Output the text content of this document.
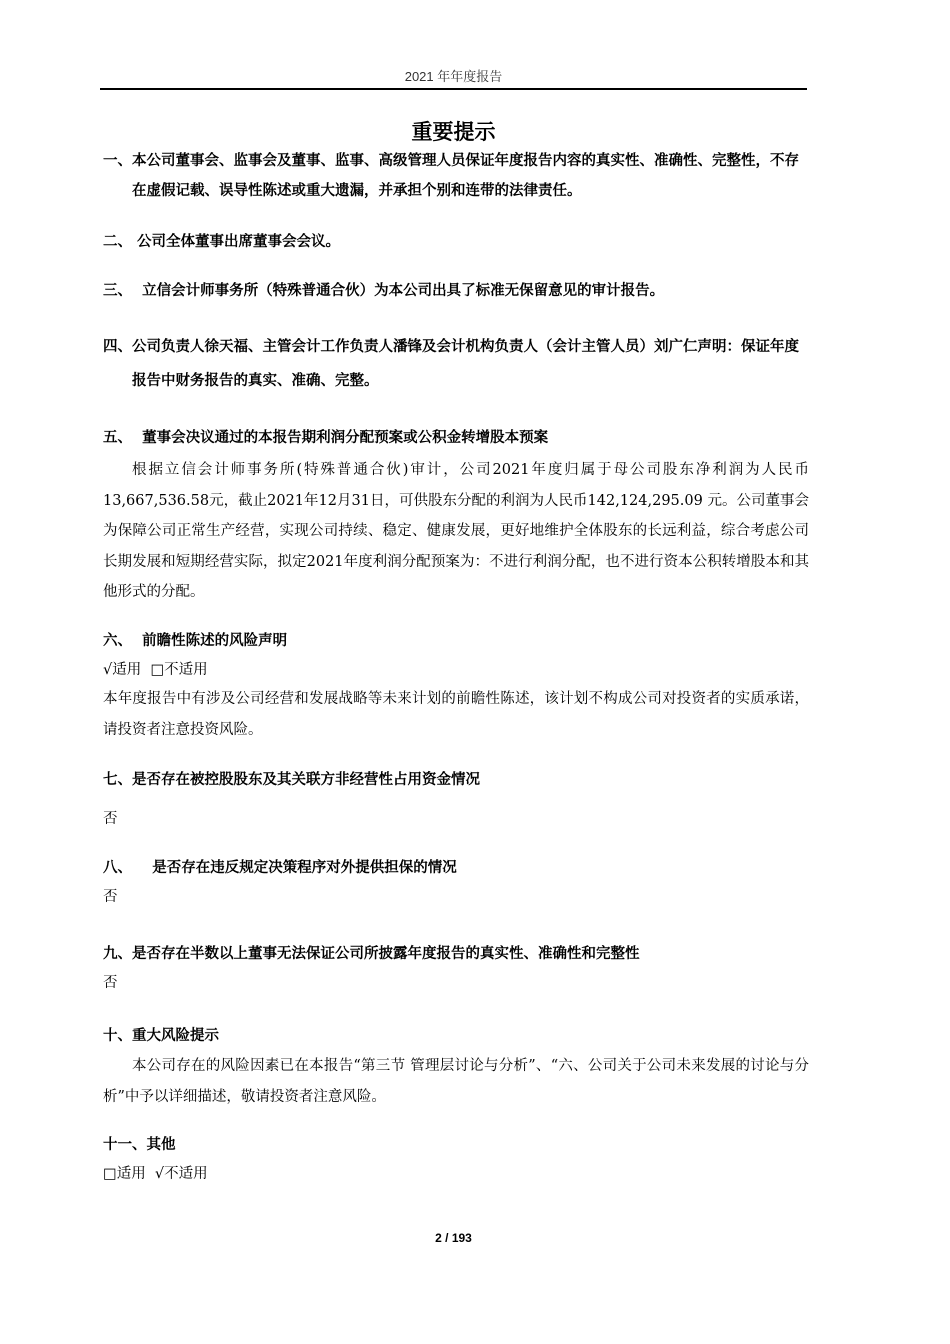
2021 年年度报告
重要提示

一、本公司董事会、监事会及董事、监事、高级管理人员保证年度报告内容的真实性、准确性、完整性，不存在虚假记载、误导性陈述或重大遗漏，并承担个别和连带的法律责任。

二、 公司全体董事出席董事会会议。

三、  立信会计师事务所（特殊普通合伙）为本公司出具了标准无保留意见的审计报告。

四、公司负责人徐天福、主管会计工作负责人潘锋及会计机构负责人（会计主管人员）刘广仁声明：保证年度报告中财务报告的真实、准确、完整。

五、  董事会决议通过的本报告期利润分配预案或公积金转增股本预案

根据立信会计师事务所(特殊普通合伙)审计，公司2021年度归属于母公司股东净利润为人民币13,667,536.58元，截止2021年12月31日，可供股东分配的利润为人民币142,124,295.09 元。公司董事会为保障公司正常生产经营，实现公司持续、稳定、健康发展，更好地维护全体股东的长远利益，综合考虑公司长期发展和短期经营实际，拟定2021年度利润分配预案为：不进行利润分配，也不进行资本公积转增股本和其他形式的分配。

六、  前瞻性陈述的风险声明

√适用  □不适用

本年度报告中有涉及公司经营和发展战略等未来计划的前瞻性陈述，该计划不构成公司对投资者的实质承诺，请投资者注意投资风险。

七、是否存在被控股股东及其关联方非经营性占用资金情况

否

八、    是否存在违反规定决策程序对外提供担保的情况

否

九、是否存在半数以上董事无法保证公司所披露年度报告的真实性、准确性和完整性

否

十、重大风险提示

本公司存在的风险因素已在本报告“第三节 管理层讨论与分析”、“六、公司关于公司未来发展的讨论与分析”中予以详细描述，敬请投资者注意风险。

十一、其他

□适用  √不适用

2 / 193
